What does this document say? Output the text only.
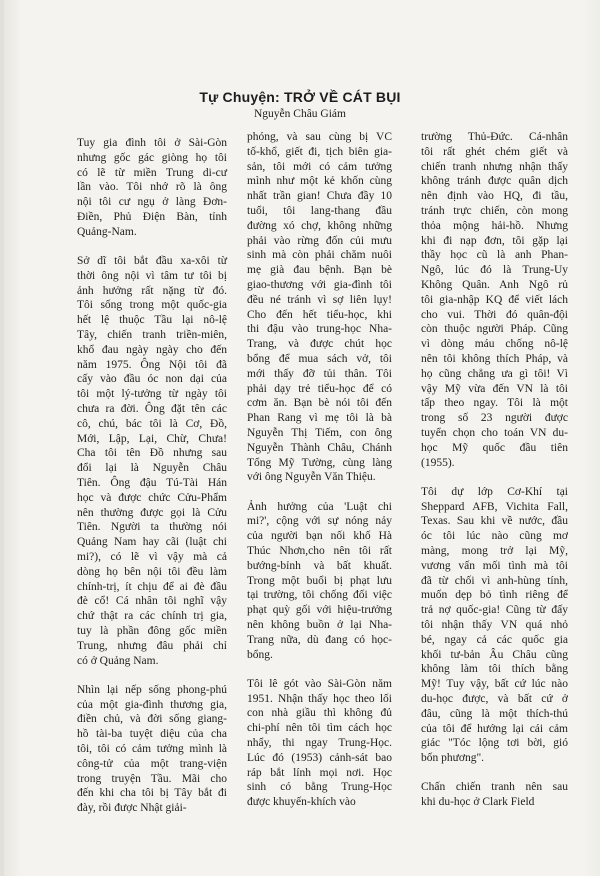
Tự Chuyện: TRỞ VỀ CÁT BỤI
Nguyễn Châu Giám

Tuy gia đình tôi ở Sài-Gòn
nhưng gốc gác giòng họ tôi
có lẽ từ miền Trung di-cư
lần vào. Tôi nhớ rõ là ông
nội tôi cư ngụ ở làng Đơn-
Điền, Phủ Điện Bàn, tỉnh
Quảng-Nam.

Sở dĩ tôi bắt đầu xa-xôi từ
thời ông nội vì tâm tư tôi bị
ảnh hưởng rất nặng từ đó.
Tôi sống trong một quốc-gia
hết lệ thuộc Tầu lại nô-lệ
Tây, chiến tranh triền-miên,
khổ đau ngày ngày cho đến
năm 1975. Ông Nội tôi đã
cấy vào đầu óc non dại của
tôi một lý-tưởng từ ngày tôi
chưa ra đời. Ông đặt tên các
cô, chú, bác tôi là Cơ, Đồ,
Mới, Lập, Lại, Chừ, Chưa!
Cha tôi tên Đồ nhưng sau
đổi lại là Nguyễn Châu
Tiên. Ông đậu Tú-Tài Hán
học và được chức Cửu-Phẩm
nên thường được gọi là Cửu
Tiên. Người ta thường nói
Quảng Nam hay cãi (luật chi
mi?), có lẽ vì vậy mà cả
dòng họ bên nội tôi đều làm
chính-trị, ít chịu để ai đè đầu
đè cổ! Cá nhân tôi nghĩ vậy
chứ thật ra các chính trị gia,
tuy là phần đông gốc miền
Trung, nhưng đâu phải chỉ
có ở Quảng Nam.

Nhìn lại nếp sống phong-phú
của một gia-đình thương gia,
điền chủ, và đời sống giang-
hồ tài-ba tuyệt diệu của cha
tôi, tôi có cảm tưởng mình là
công-tử của một trang-viện
trong truyện Tầu. Mãi cho
đến khi cha tôi bị Tây bắt đi
đày, rồi được Nhật giải-

phóng, và sau cùng bị VC
tố-khổ, giết đi, tịch biên gia-
sản, tôi mới có cảm tưởng
mình như một kẻ khốn cùng
nhất trần gian! Chưa đầy 10
tuổi, tôi lang-thang đầu
đường xó chợ, không những
phải vào rừng đốn củi mưu
sinh mà còn phải chăm nuôi
mẹ già đau bệnh. Bạn bè
giao-thương với gia-đình tôi
đều né tránh vì sợ liên lụy!
Cho đến hết tiểu-học, khi
thi đậu vào trung-học Nha-
Trang, và được chút học
bổng để mua sách vở, tôi
mới thấy đỡ tủi thân. Tôi
phải dạy trẻ tiểu-học để có
cơm ăn. Bạn bè nói tôi đến
Phan Rang vì mẹ tôi là bà
Nguyễn Thị Tiếm, con ông
Nguyễn Thành Châu, Chánh
Tổng Mỹ Tường, cùng làng
với ông Nguyễn Văn Thiệu.

Ảnh hưởng của 'Luật chi
mi?', cộng với sự nóng nảy
của người bạn nối khố Hà
Thúc Nhơn,cho nên tôi rất
bướng-bỉnh và bất khuất.
Trong một buổi bị phạt lưu
tại trường, tôi chống đối việc
phạt quỳ gối với hiệu-trưởng
nên không buồn ở lại Nha-
Trang nữa, dù đang có học-
bổng.

Tôi lê gót vào Sài-Gòn năm
1951. Nhận thấy học theo lối
con nhà giầu thì không đủ
chi-phí nên tôi tìm cách học
nhẩy, thi ngay Trung-Học.
Lúc đó (1953) cảnh-sát bao
ráp bắt lính mọi nơi. Học
sinh có bằng Trung-Học
được khuyến-khích vào

trường Thủ-Đức. Cá-nhân
tôi rất ghét chém giết và
chiến tranh nhưng nhận thấy
không tránh được quân dịch
nên định vào HQ, đi tầu,
tránh trực chiến, còn mong
thỏa mộng hải-hồ. Nhưng
khi đi nạp đơn, tôi gặp lại
thầy học cũ là anh Phan-
Ngô, lúc đó là Trung-Uy
Không Quân. Anh Ngô rủ
tôi gia-nhập KQ để viết lách
cho vui. Thời đó quân-đội
còn thuộc người Pháp. Cũng
vì dòng máu chống nô-lệ
nên tôi không thích Pháp, và
họ cũng chẳng ưa gì tôi! Vì
vậy Mỹ vừa đến VN là tôi
tấp theo ngay. Tôi là một
trong số 23 người được
tuyển chọn cho toán VN du-
học Mỹ quốc đầu tiên
(1955).

Tôi dự lớp Cơ-Khí tại
Sheppard AFB, Vichita Fall,
Texas. Sau khi về nước, đầu
óc tôi lúc nào cũng mơ
màng, mong trở lại Mỹ,
vương vấn mối tình mà tôi
đã từ chối vì anh-hùng tính,
muốn dẹp bỏ tình riêng để
trả nợ quốc-gia! Cũng từ đấy
tôi nhận thấy VN quá nhỏ
bé, ngay cả các quốc gia
khối tư-bản Âu Châu cũng
không làm tôi thích bằng
Mỹ! Tuy vậy, bất cứ lúc nào
du-học được, và bất cứ ở
đâu, cũng là một thích-thú
của tôi để hướng lại cái cảm
giác "Tóc lộng tơi bời, gió
bốn phương".

Chấn chiến tranh nên sau
khi du-học ở Clark Field
